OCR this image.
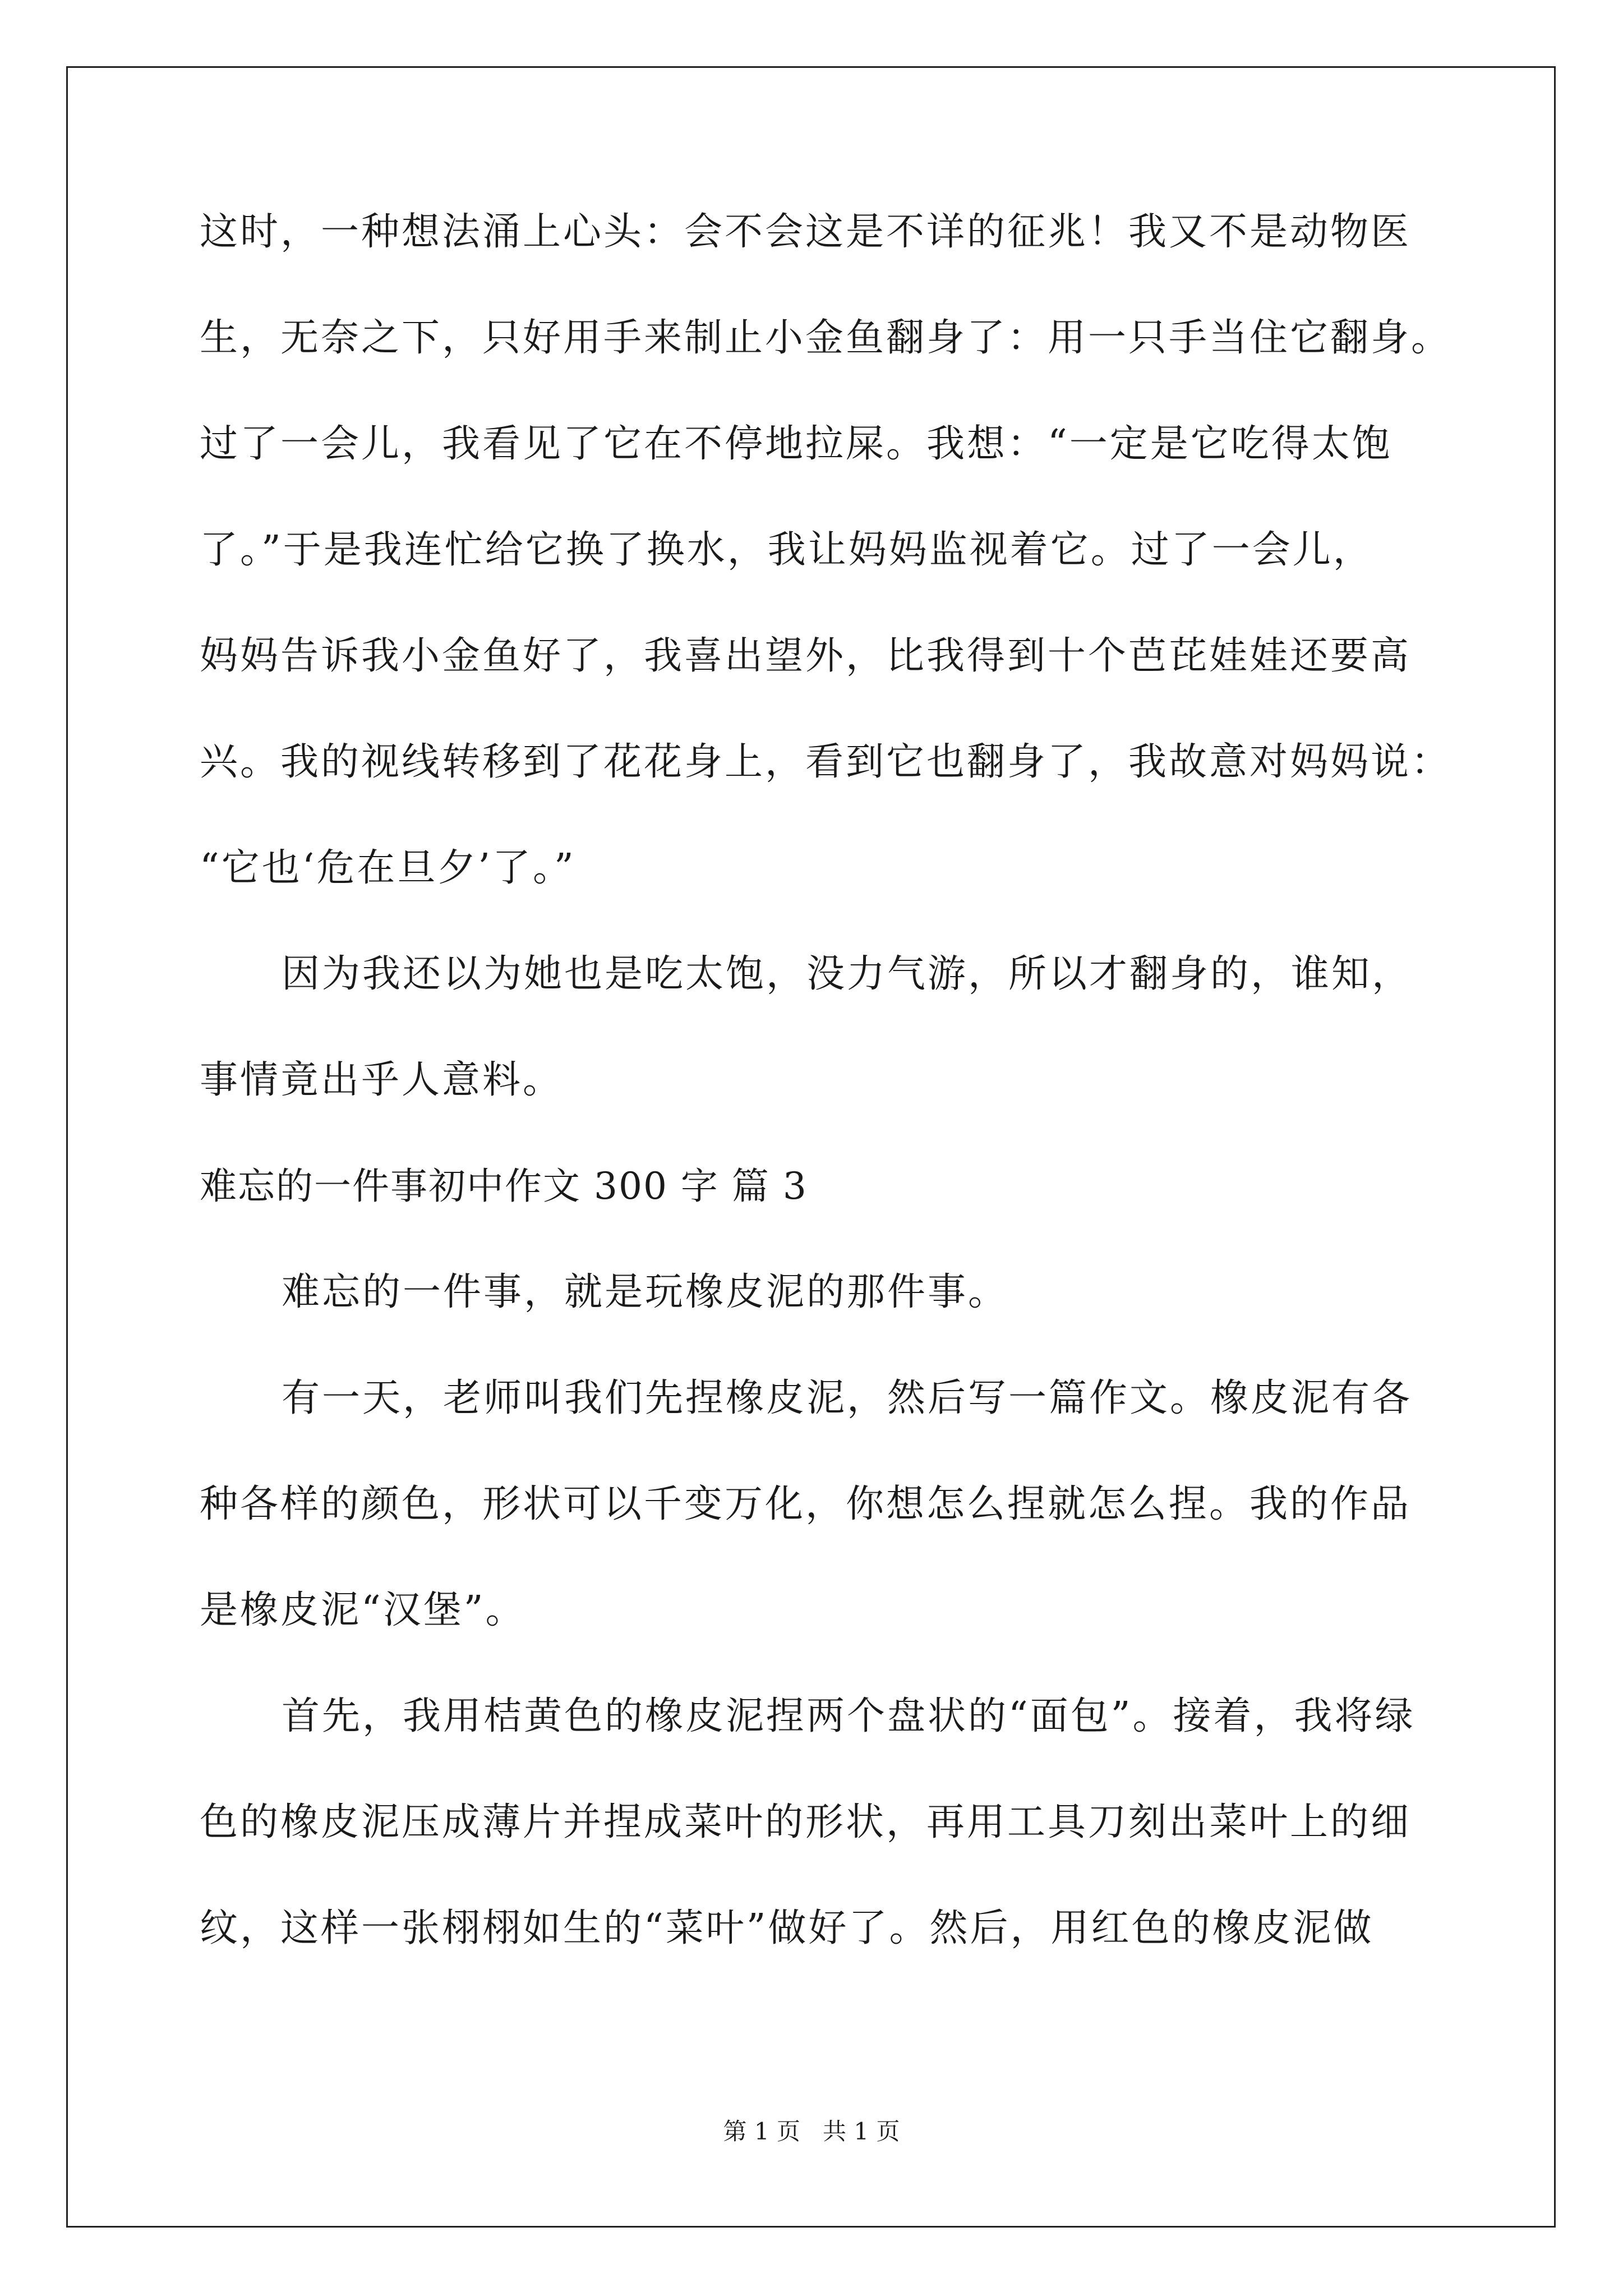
这时，一种想法涌上心头：会不会这是不详的征兆！我又不是动物医
生，无奈之下，只好用手来制止小金鱼翻身了：用一只手当住它翻身。
过了一会儿，我看见了它在不停地拉屎。我想：“一定是它吃得太饱
了。”于是我连忙给它换了换水，我让妈妈监视着它。过了一会儿，
妈妈告诉我小金鱼好了，我喜出望外，比我得到十个芭芘娃娃还要高
兴。我的视线转移到了花花身上，看到它也翻身了，我故意对妈妈说：
“它也‘危在旦夕’了。”
因为我还以为她也是吃太饱，没力气游，所以才翻身的，谁知，
事情竟出乎人意料。
难忘的一件事初中作文 300 字 篇 3
难忘的一件事，就是玩橡皮泥的那件事。
有一天，老师叫我们先捏橡皮泥，然后写一篇作文。橡皮泥有各
种各样的颜色，形状可以千变万化，你想怎么捏就怎么捏。我的作品
是橡皮泥“汉堡”。
首先，我用桔黄色的橡皮泥捏两个盘状的“面包”。接着，我将绿
色的橡皮泥压成薄片并捏成菜叶的形状，再用工具刀刻出菜叶上的细
纹，这样一张栩栩如生的“菜叶”做好了。然后，用红色的橡皮泥做
第 1 页   共 1 页
